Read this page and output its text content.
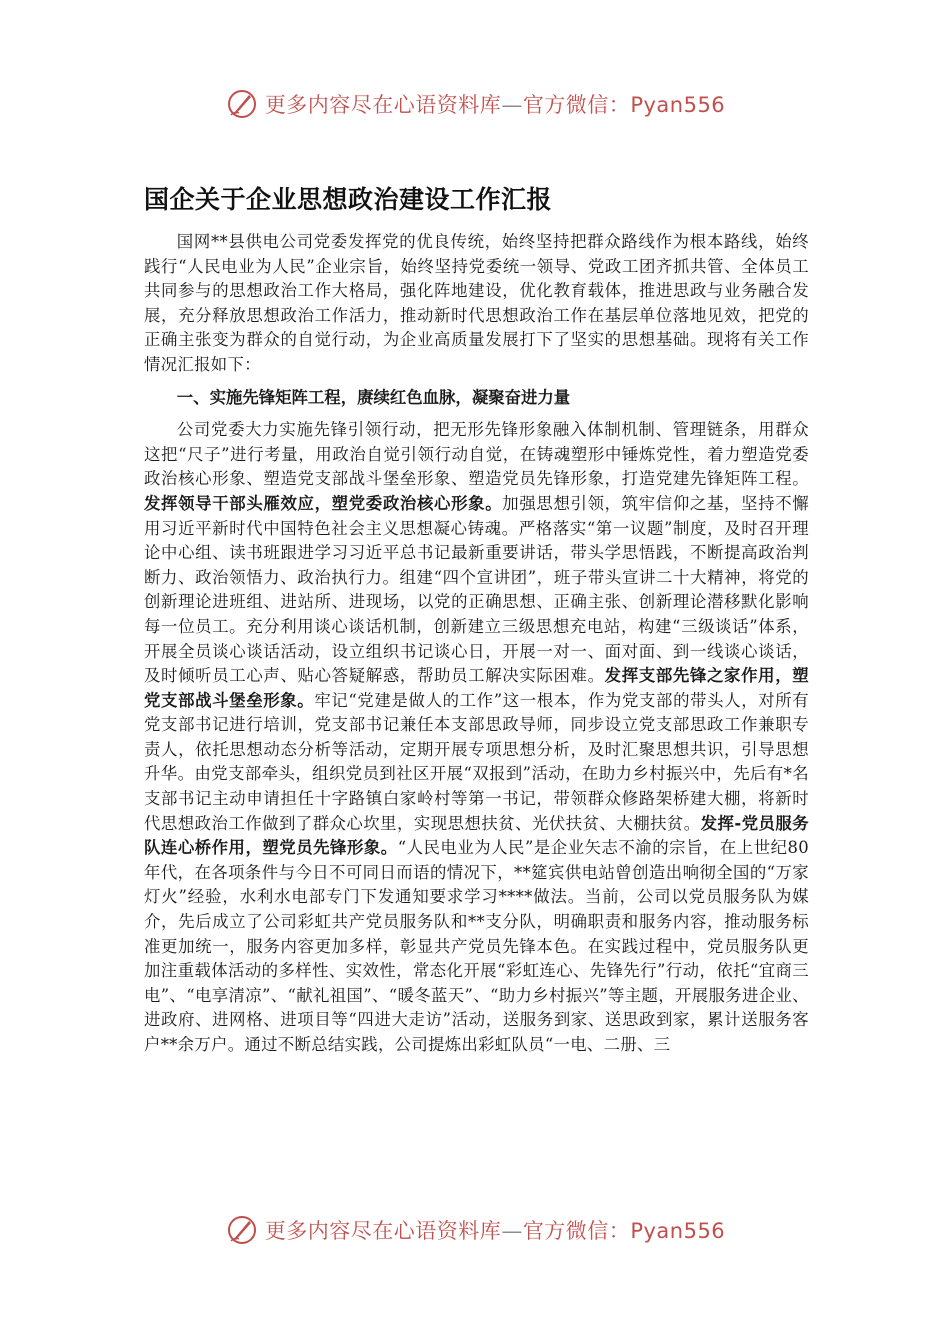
更多内容尽在心语资料库—官方微信：Pyan556
国企关于企业思想政治建设工作汇报

国网**县供电公司党委发挥党的优良传统，始终坚持把群众路线作为根本路线，始终践行“人民电业为人民”企业宗旨，始终坚持党委统一领导、党政工团齐抓共管、全体员工共同参与的思想政治工作大格局，强化阵地建设，优化教育载体，推进思政与业务融合发展，充分释放思想政治工作活力，推动新时代思想政治工作在基层单位落地见效，把党的正确主张变为群众的自觉行动，为企业高质量发展打下了坚实的思想基础。现将有关工作情况汇报如下：

一、实施先锋矩阵工程，赓续红色血脉，凝聚奋进力量

公司党委大力实施先锋引领行动，把无形先锋形象融入体制机制、管理链条，用群众这把“尺子”进行考量，用政治自觉引领行动自觉，在铸魂塑形中锤炼党性，着力塑造党委政治核心形象、塑造党支部战斗堡垒形象、塑造党员先锋形象，打造党建先锋矩阵工程。发挥领导干部头雁效应，塑党委政治核心形象。加强思想引领，筑牢信仰之基，坚持不懈用习近平新时代中国特色社会主义思想凝心铸魂。严格落实“第一议题”制度，及时召开理论中心组、读书班跟进学习习近平总书记最新重要讲话，带头学思悟践，不断提高政治判断力、政治领悟力、政治执行力。组建“四个宣讲团”，班子带头宣讲二十大精神，将党的创新理论进班组、进站所、进现场，以党的正确思想、正确主张、创新理论潜移默化影响每一位员工。充分利用谈心谈话机制，创新建立三级思想充电站，构建“三级谈话”体系，开展全员谈心谈话活动，设立组织书记谈心日，开展一对一、面对面、到一线谈心谈话，及时倾听员工心声、贴心答疑解惑，帮助员工解决实际困难。发挥支部先锋之家作用，塑党支部战斗堡垒形象。牢记“党建是做人的工作”这一根本，作为党支部的带头人，对所有党支部书记进行培训，党支部书记兼任本支部思政导师，同步设立党支部思政工作兼职专责人，依托思想动态分析等活动，定期开展专项思想分析，及时汇聚思想共识，引导思想升华。由党支部牵头，组织党员到社区开展“双报到”活动，在助力乡村振兴中，先后有*名支部书记主动申请担任十字路镇白家岭村等第一书记，带领群众修路架桥建大棚，将新时代思想政治工作做到了群众心坎里，实现思想扶贫、光伏扶贫、大棚扶贫。发挥-党员服务队连心桥作用，塑党员先锋形象。“人民电业为人民”是企业矢志不渝的宗旨，在上世纪80年代，在各项条件与今日不可同日而语的情况下，**筵宾供电站曾创造出响彻全国的“万家灯火”经验，水利水电部专门下发通知要求学习****做法。当前，公司以党员服务队为媒介，先后成立了公司彩虹共产党员服务队和**支分队，明确职责和服务内容，推动服务标准更加统一，服务内容更加多样，彰显共产党员先锋本色。在实践过程中，党员服务队更加注重载体活动的多样性、实效性，常态化开展“彩虹连心、先锋先行”行动，依托“宜商三电”、“电享清凉”、“献礼祖国”、“暖冬蓝天”、“助力乡村振兴”等主题，开展服务进企业、进政府、进网格、进项目等“四进大走访”活动，送服务到家、送思政到家，累计送服务客户**余万户。通过不断总结实践，公司提炼出彩虹队员“一电、二册、三

更多内容尽在心语资料库—官方微信：Pyan556
